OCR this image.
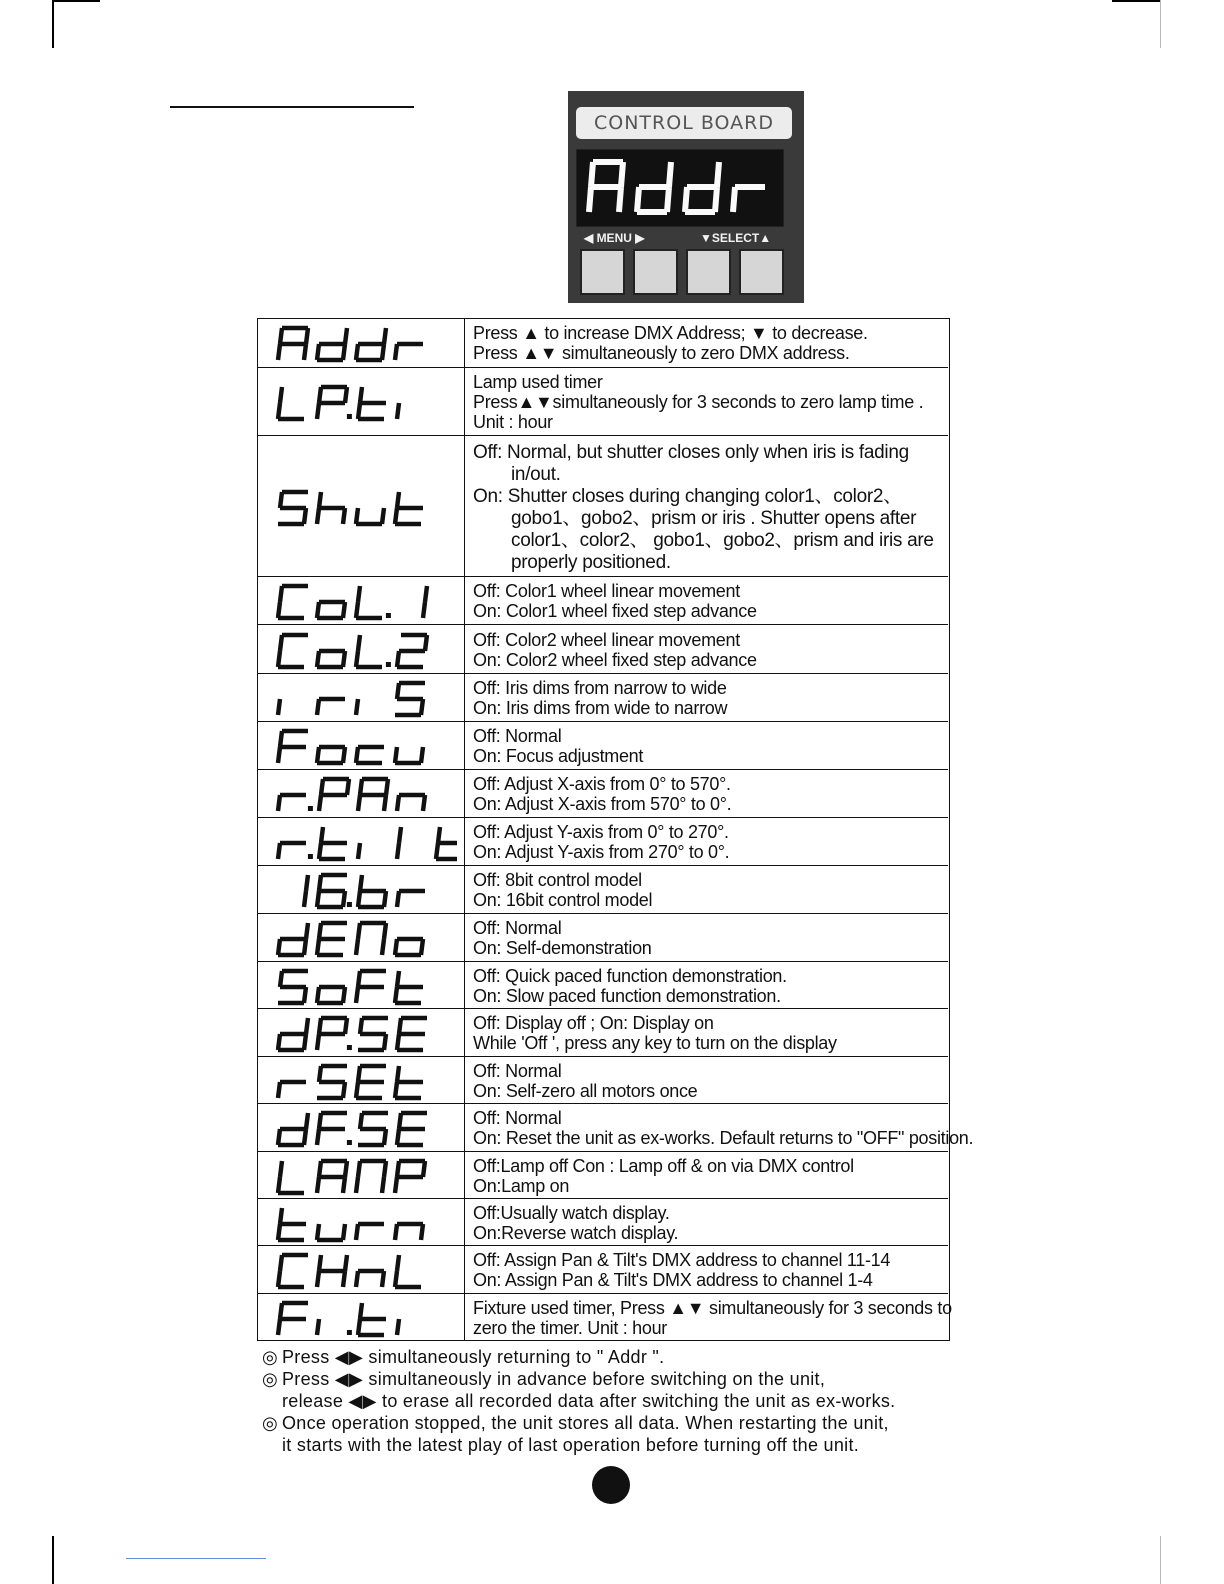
CONTROL BOARD
◀ MENU ▶	▼SELECT▲
Press ▲ to increase DMX Address; ▼ to decrease.
Press ▲▼ simultaneously to zero DMX address.
Lamp used timer
Press▲▼simultaneously for 3 seconds to zero lamp time .
Unit : hour
Off: Normal, but shutter closes only when iris is fading
in/out.
On: Shutter closes during changing color1、color2、
gobo1、gobo2、prism or iris . Shutter opens after
color1、color2、 gobo1、gobo2、prism and iris are
properly positioned.
Off: Color1 wheel linear movement
On: Color1 wheel fixed step advance
Off: Color2 wheel linear movement
On: Color2 wheel fixed step advance
Off: Iris dims from narrow to wide
On: Iris dims from wide to narrow
Off: Normal
On: Focus adjustment
Off: Adjust X-axis from 0° to 570°.
On: Adjust X-axis from 570° to 0°.
Off: Adjust Y-axis from 0° to 270°.
On: Adjust Y-axis from 270° to 0°.
Off: 8bit control model
On: 16bit control model
Off: Normal
On: Self-demonstration
Off: Quick paced function demonstration.
On: Slow paced function demonstration.
Off: Display off ; On: Display on
While 'Off ', press any key to turn on the display
Off: Normal
On: Self-zero all motors once
Off: Normal
On: Reset the unit as ex-works. Default returns to "OFF" position.
Off:Lamp off Con : Lamp off & on via DMX control
On:Lamp on
Off:Usually watch display.
On:Reverse watch display.
Off: Assign Pan & Tilt's DMX address to channel 11-14
On: Assign Pan & Tilt's DMX address to channel 1-4
Fixture used timer, Press ▲▼ simultaneously for 3 seconds to
zero the timer. Unit : hour
◎ Press ◀▶ simultaneously returning to " Addr ".
◎ Press ◀▶ simultaneously in advance before switching on the unit,
release ◀▶ to erase all recorded data after switching the unit as ex-works.
◎ Once operation stopped, the unit stores all data. When restarting the unit,
it starts with the latest play of last operation before turning off the unit.
